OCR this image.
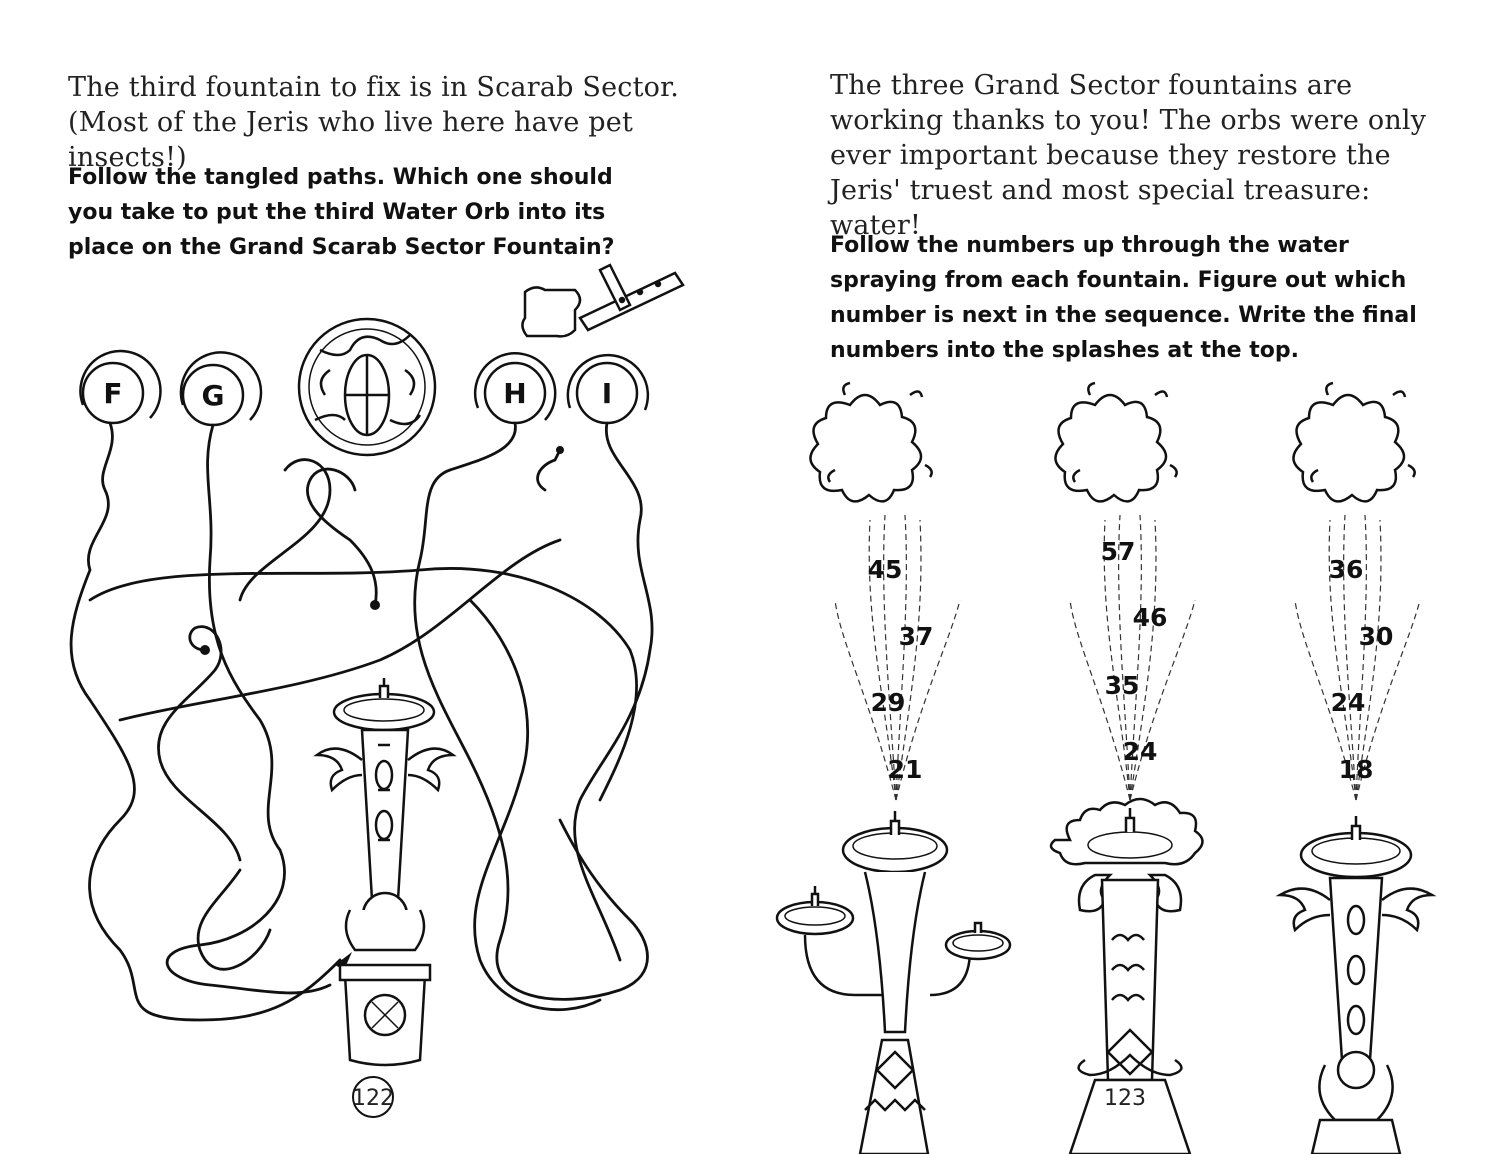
F	G	H	I
122

The third fountain to fix is in Scarab Sector.
(Most of the Jeris who live here have pet insects!)

Follow the tangled paths. Which one should you take to put the third Water Orb into its place on the Grand Scarab Sector Fountain?

The three Grand Sector fountains are working thanks to you! The orbs were only ever important because they restore the Jeris' truest and most special treasure: water!

Follow the numbers up through the water spraying from each fountain. Figure out which number is next in the sequence. Write the final numbers into the splashes at the top.

45
37
29
21
57
46
35
24
36
30
24
18
123
